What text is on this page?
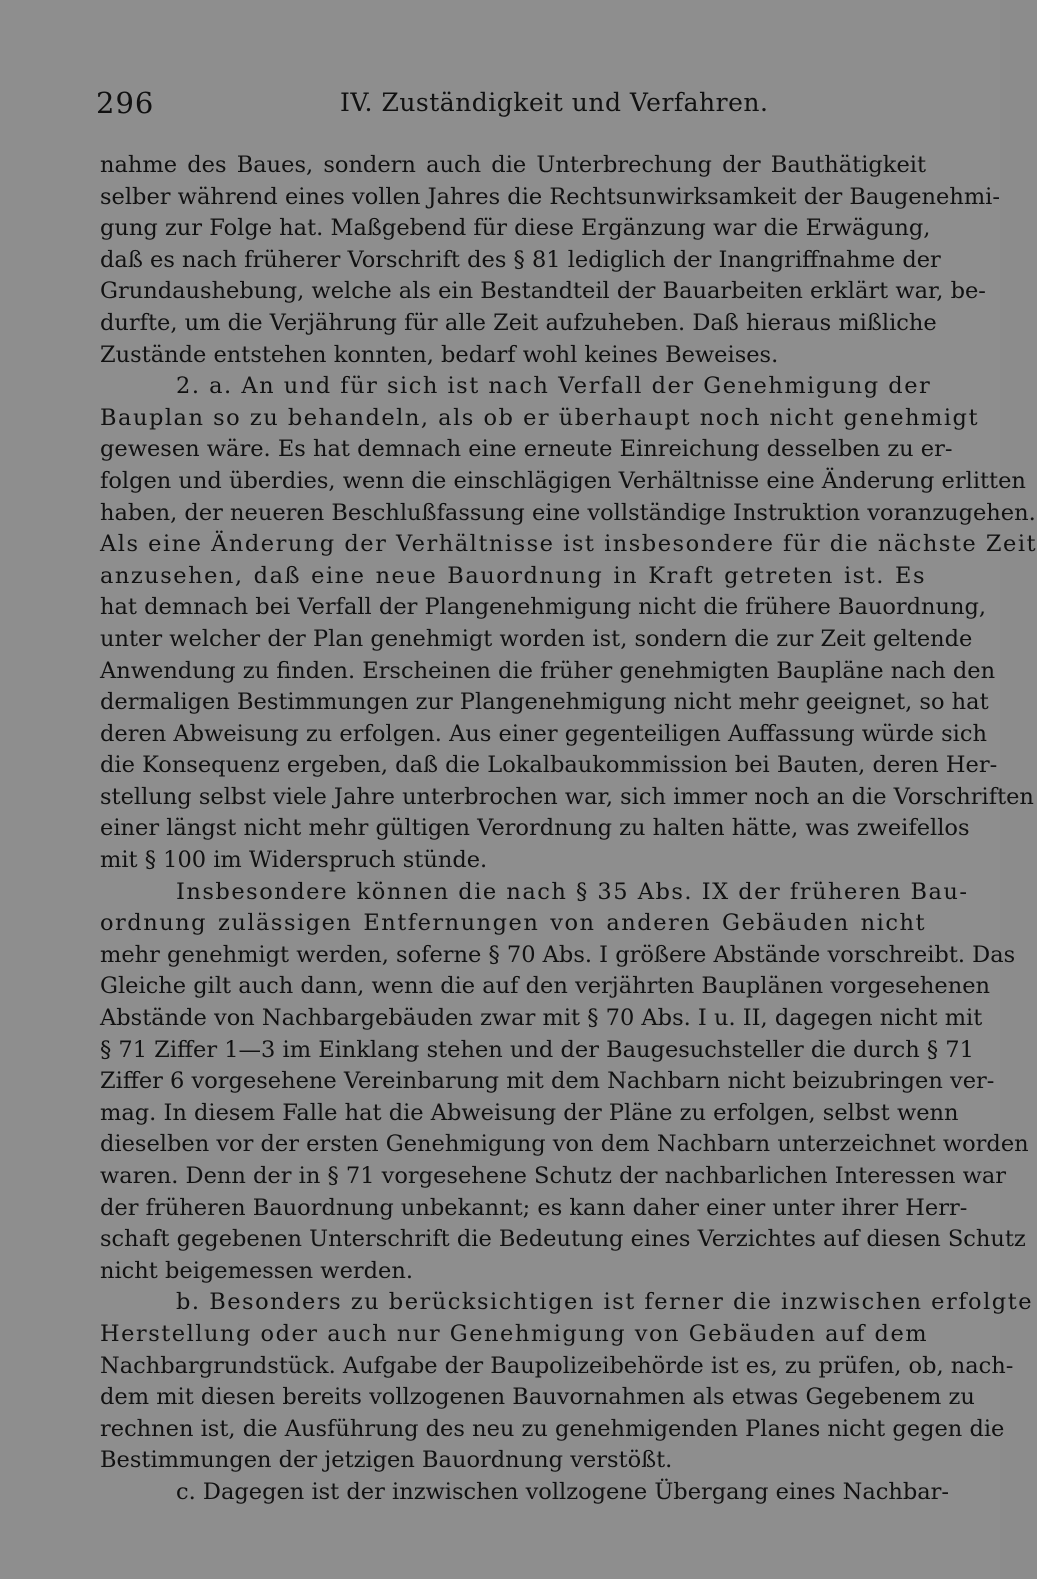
296	IV. Zuständigkeit und Verfahren.
nahme des Baues, sondern auch die Unterbrechung der Bauthätigkeit
selber während eines vollen Jahres die Rechtsunwirksamkeit der Baugenehmi-
gung zur Folge hat. Maßgebend für diese Ergänzung war die Erwägung,
daß es nach früherer Vorschrift des § 81 lediglich der Inangriffnahme der
Grundaushebung, welche als ein Bestandteil der Bauarbeiten erklärt war, be-
durfte, um die Verjährung für alle Zeit aufzuheben. Daß hieraus mißliche
Zustände entstehen konnten, bedarf wohl keines Beweises.
2. a. An und für sich ist nach Verfall der Genehmigung der
Bauplan so zu behandeln, als ob er überhaupt noch nicht genehmigt
gewesen wäre. Es hat demnach eine erneute Einreichung desselben zu er-
folgen und überdies, wenn die einschlägigen Verhältnisse eine Änderung erlitten
haben, der neueren Beschlußfassung eine vollständige Instruktion voranzugehen.
Als eine Änderung der Verhältnisse ist insbesondere für die nächste Zeit
anzusehen, daß eine neue Bauordnung in Kraft getreten ist. Es
hat demnach bei Verfall der Plangenehmigung nicht die frühere Bauordnung,
unter welcher der Plan genehmigt worden ist, sondern die zur Zeit geltende
Anwendung zu finden. Erscheinen die früher genehmigten Baupläne nach den
dermaligen Bestimmungen zur Plangenehmigung nicht mehr geeignet, so hat
deren Abweisung zu erfolgen. Aus einer gegenteiligen Auffassung würde sich
die Konsequenz ergeben, daß die Lokalbaukommission bei Bauten, deren Her-
stellung selbst viele Jahre unterbrochen war, sich immer noch an die Vorschriften
einer längst nicht mehr gültigen Verordnung zu halten hätte, was zweifellos
mit § 100 im Widerspruch stünde.
Insbesondere können die nach § 35 Abs. IX der früheren Bau-
ordnung zulässigen Entfernungen von anderen Gebäuden nicht
mehr genehmigt werden, soferne § 70 Abs. I größere Abstände vorschreibt. Das
Gleiche gilt auch dann, wenn die auf den verjährten Bauplänen vorgesehenen
Abstände von Nachbargebäuden zwar mit § 70 Abs. I u. II, dagegen nicht mit
§ 71 Ziffer 1—3 im Einklang stehen und der Baugesuchsteller die durch § 71
Ziffer 6 vorgesehene Vereinbarung mit dem Nachbarn nicht beizubringen ver-
mag. In diesem Falle hat die Abweisung der Pläne zu erfolgen, selbst wenn
dieselben vor der ersten Genehmigung von dem Nachbarn unterzeichnet worden
waren. Denn der in § 71 vorgesehene Schutz der nachbarlichen Interessen war
der früheren Bauordnung unbekannt; es kann daher einer unter ihrer Herr-
schaft gegebenen Unterschrift die Bedeutung eines Verzichtes auf diesen Schutz
nicht beigemessen werden.
b. Besonders zu berücksichtigen ist ferner die inzwischen erfolgte
Herstellung oder auch nur Genehmigung von Gebäuden auf dem
Nachbargrundstück. Aufgabe der Baupolizeibehörde ist es, zu prüfen, ob, nach-
dem mit diesen bereits vollzogenen Bauvornahmen als etwas Gegebenem zu
rechnen ist, die Ausführung des neu zu genehmigenden Planes nicht gegen die
Bestimmungen der jetzigen Bauordnung verstößt.
c. Dagegen ist der inzwischen vollzogene Übergang eines Nachbar-
